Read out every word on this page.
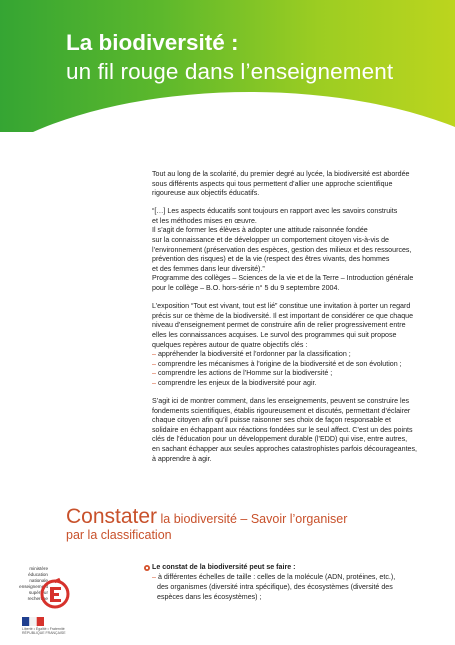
La biodiversité :
un fil rouge dans l’enseignement

Tout au long de la scolarité, du premier degré au lycée, la biodiversité est abordée
sous différents aspects qui tous permettent d’allier une approche scientifique
rigoureuse aux objectifs éducatifs.

“[…] Les aspects éducatifs sont toujours en rapport avec les savoirs construits
et les méthodes mises en œuvre.
Il s’agit de former les élèves à adopter une attitude raisonnée fondée
sur la connaissance et de développer un comportement citoyen vis-à-vis de
l’environnement (préservation des espèces, gestion des milieux et des ressources,
prévention des risques) et de la vie (respect des êtres vivants, des hommes
et des femmes dans leur diversité).”
Programme des collèges – Sciences de la vie et de la Terre – Introduction générale
pour le collège – B.O. hors-série n° 5 du 9 septembre 2004.

L’exposition “Tout est vivant, tout est lié” constitue une invitation à porter un regard
précis sur ce thème de la biodiversité. Il est important de considérer ce que chaque
niveau d’enseignement permet de construire afin de relier progressivement entre
elles les connaissances acquises. Le survol des programmes qui suit propose
quelques repères autour de quatre objectifs clés :
– appréhender la biodiversité et l’ordonner par la classification ;
– comprendre les mécanismes à l’origine de la biodiversité et de son évolution ;
– comprendre les actions de l’Homme sur la biodiversité ;
– comprendre les enjeux de la biodiversité pour agir.

S’agit ici de montrer comment, dans les enseignements, peuvent se construire les
fondements scientifiques, établis rigoureusement et discutés, permettant d’éclairer
chaque citoyen afin qu’il puisse raisonner ses choix de façon responsable et
solidaire en échappant aux réactions fondées sur le seul affect. C’est un des points
clés de l’éducation pour un développement durable (l’EDD) qui vise, entre autres,
en sachant échapper aux seules approches catastrophistes parfois décourageantes,
à apprendre à agir.

Constater la biodiversité – Savoir l’organiser
par la classification
ministère
éducation
nationale
enseignement
supérieur
recherche
Liberté • Égalité • Fraternité
RÉPUBLIQUE FRANÇAISE
Le constat de la biodiversité peut se faire :
– à différentes échelles de taille : celles de la molécule (ADN, protéines, etc.),
des organismes (diversité intra spécifique), des écosystèmes (diversité des
espèces dans les écosystèmes) ;
